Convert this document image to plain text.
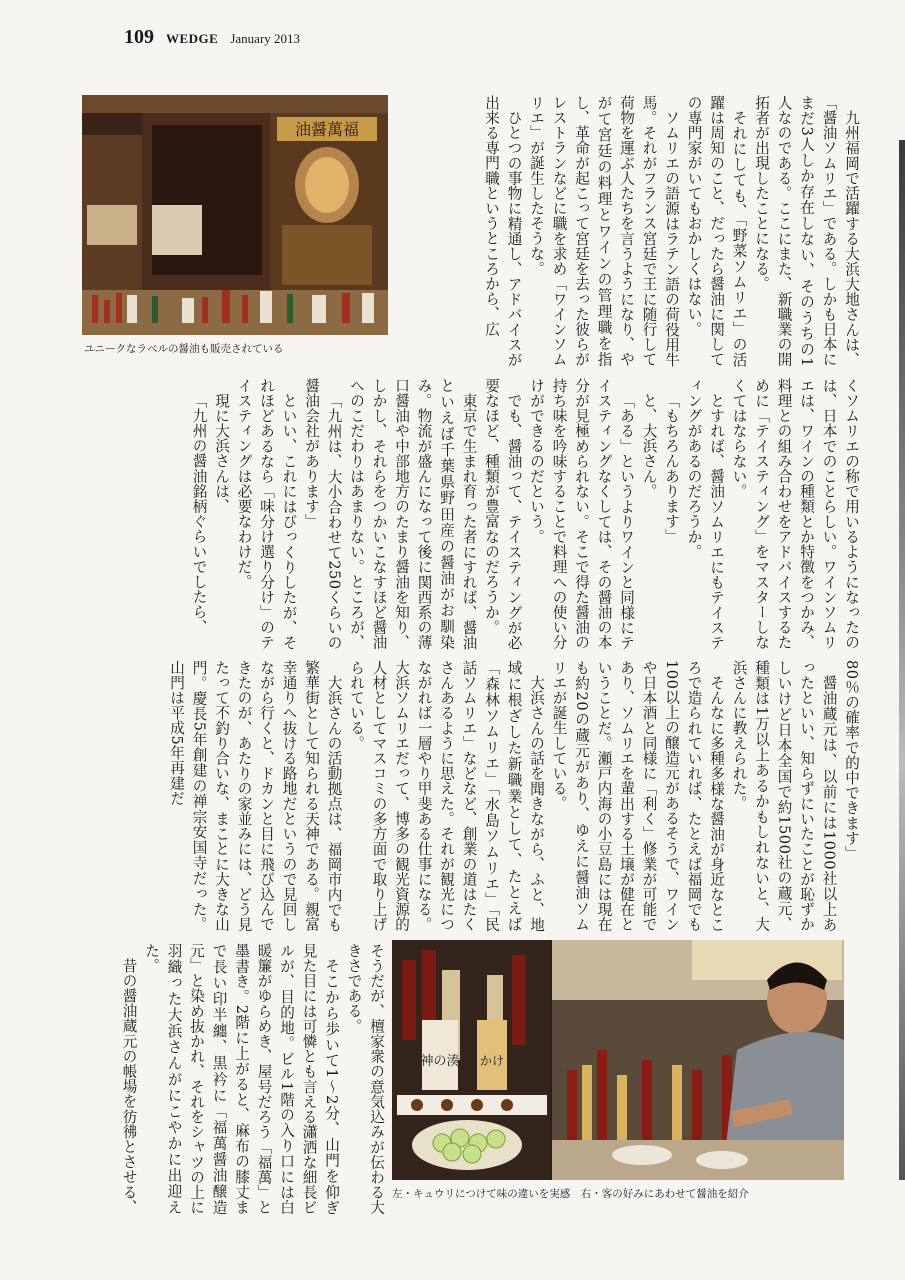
109 WEDGE January 2013
油醤萬福
ユニークなラベルの醤油も販売されている	九州福岡で活躍する大浜大地さんは、「醤油ソムリエ」である。しかも日本にまだ3人しか存在しない、そのうちの1人なのである。ここにまた、新職業の開拓者が出現したことになる。

それにしても、「野菜ソムリエ」の活躍は周知のこと、だったら醤油に関しての専門家がいてもおかしくはない。

ソムリエの語源はラテン語の荷役用牛馬。それがフランス宮廷で王に随行して荷物を運ぶ人たちを言うようになり、やがて宮廷の料理とワインの管理職を指し、革命が起こって宮廷を去った彼らがレストランなどに職を求め「ワインソムリエ」が誕生したそうな。

ひとつの事物に精通し、アドバイスが出来る専門職というところから、広

くソムリエの称で用いるようになったのは、日本でのことらしい。ワインソムリエは、ワインの種類とか特徴をつかみ、料理との組み合わせをアドバイスするために「テイスティング」をマスターしなくてはならない。

とすれば、醤油ソムリエにもテイスティングがあるのだろうか。

「もちろんあります」

と、大浜さん。

「ある」というよりワインと同様にテイスティングなくしては、その醤油の本分が見極められない。そこで得た醤油の持ち味を吟味することで料理への使い分けができるのだという。

でも、醤油って、テイスティングが必要なほど、種類が豊富なのだろうか。

東京で生まれ育った者にすれば、醤油といえば千葉県野田産の醤油がお馴染み。物流が盛んになって後に関西系の薄口醤油や中部地方のたまり醤油を知り、しかし、それらをつかいこなすほど醤油へのこだわりはあまりない。ところが、

「九州は、大小合わせて250くらいの醤油会社があります」

といい、これにはびっくりしたが、それほどあるなら「味分け選り分け」のテイスティングは必要なわけだ。

現に大浜さんは、

「九州の醤油銘柄ぐらいでしたら、

80％の確率で的中できます」

醤油蔵元は、以前には1000社以上あったといい、知らずにいたことが恥ずかしいけど日本全国で約1500社の蔵元、種類は1万以上あるかもしれないと、大浜さんに教えられた。

そんなに多種多様な醤油が身近なところで造られていれば、たとえば福岡でも100以上の醸造元があるそうで、ワインや日本酒と同様に「利く」修業が可能であり、ソムリエを輩出する土壌が健在ということだ。瀬戸内海の小豆島には現在も約20の蔵元があり、ゆえに醤油ソムリエが誕生している。

大浜さんの話を聞きながら、ふと、地域に根ざした新職業として、たとえば「森林ソムリエ」「水島ソムリエ」「民話ソムリエ」などなど、創業の道はたくさんあるように思えた。それが観光につながれば一層やり甲斐ある仕事になる。大浜ソムリエだって、博多の観光資源的人材としてマスコミの多方面で取り上げられている。

大浜さんの活動拠点は、福岡市内でも繁華街として知られる天神である。親富幸通りへ抜ける路地だというので見回しながら行くと、ドカンと目に飛び込んできたのが、あたりの家並みには、どう見たって不釣り合いな、まことに大きな山門。慶長5年創建の禅宗安国寺だった。山門は平成5年再建だ

そうだが、檀家衆の意気込みが伝わる大きさである。

そこから歩いて1～2分、山門を仰ぎ見た目には可憐とも言える瀟洒な細長ビルが、目的地。ビル1階の入り口には白暖簾がゆらめき、屋号だろう「福萬」と墨書き。2階に上がると、麻布の膝丈まで長い印半纏、黒衿に「福萬醤油醸造元」と染め抜かれ、それをシャツの上に羽織った大浜さんがにこやかに出迎えた。

昔の醤油蔵元の帳場を彷彿とさせる、	神の湊 かけ
左・キュウリにつけて味の違いを実感　右・客の好みにあわせて醤油を紹介
